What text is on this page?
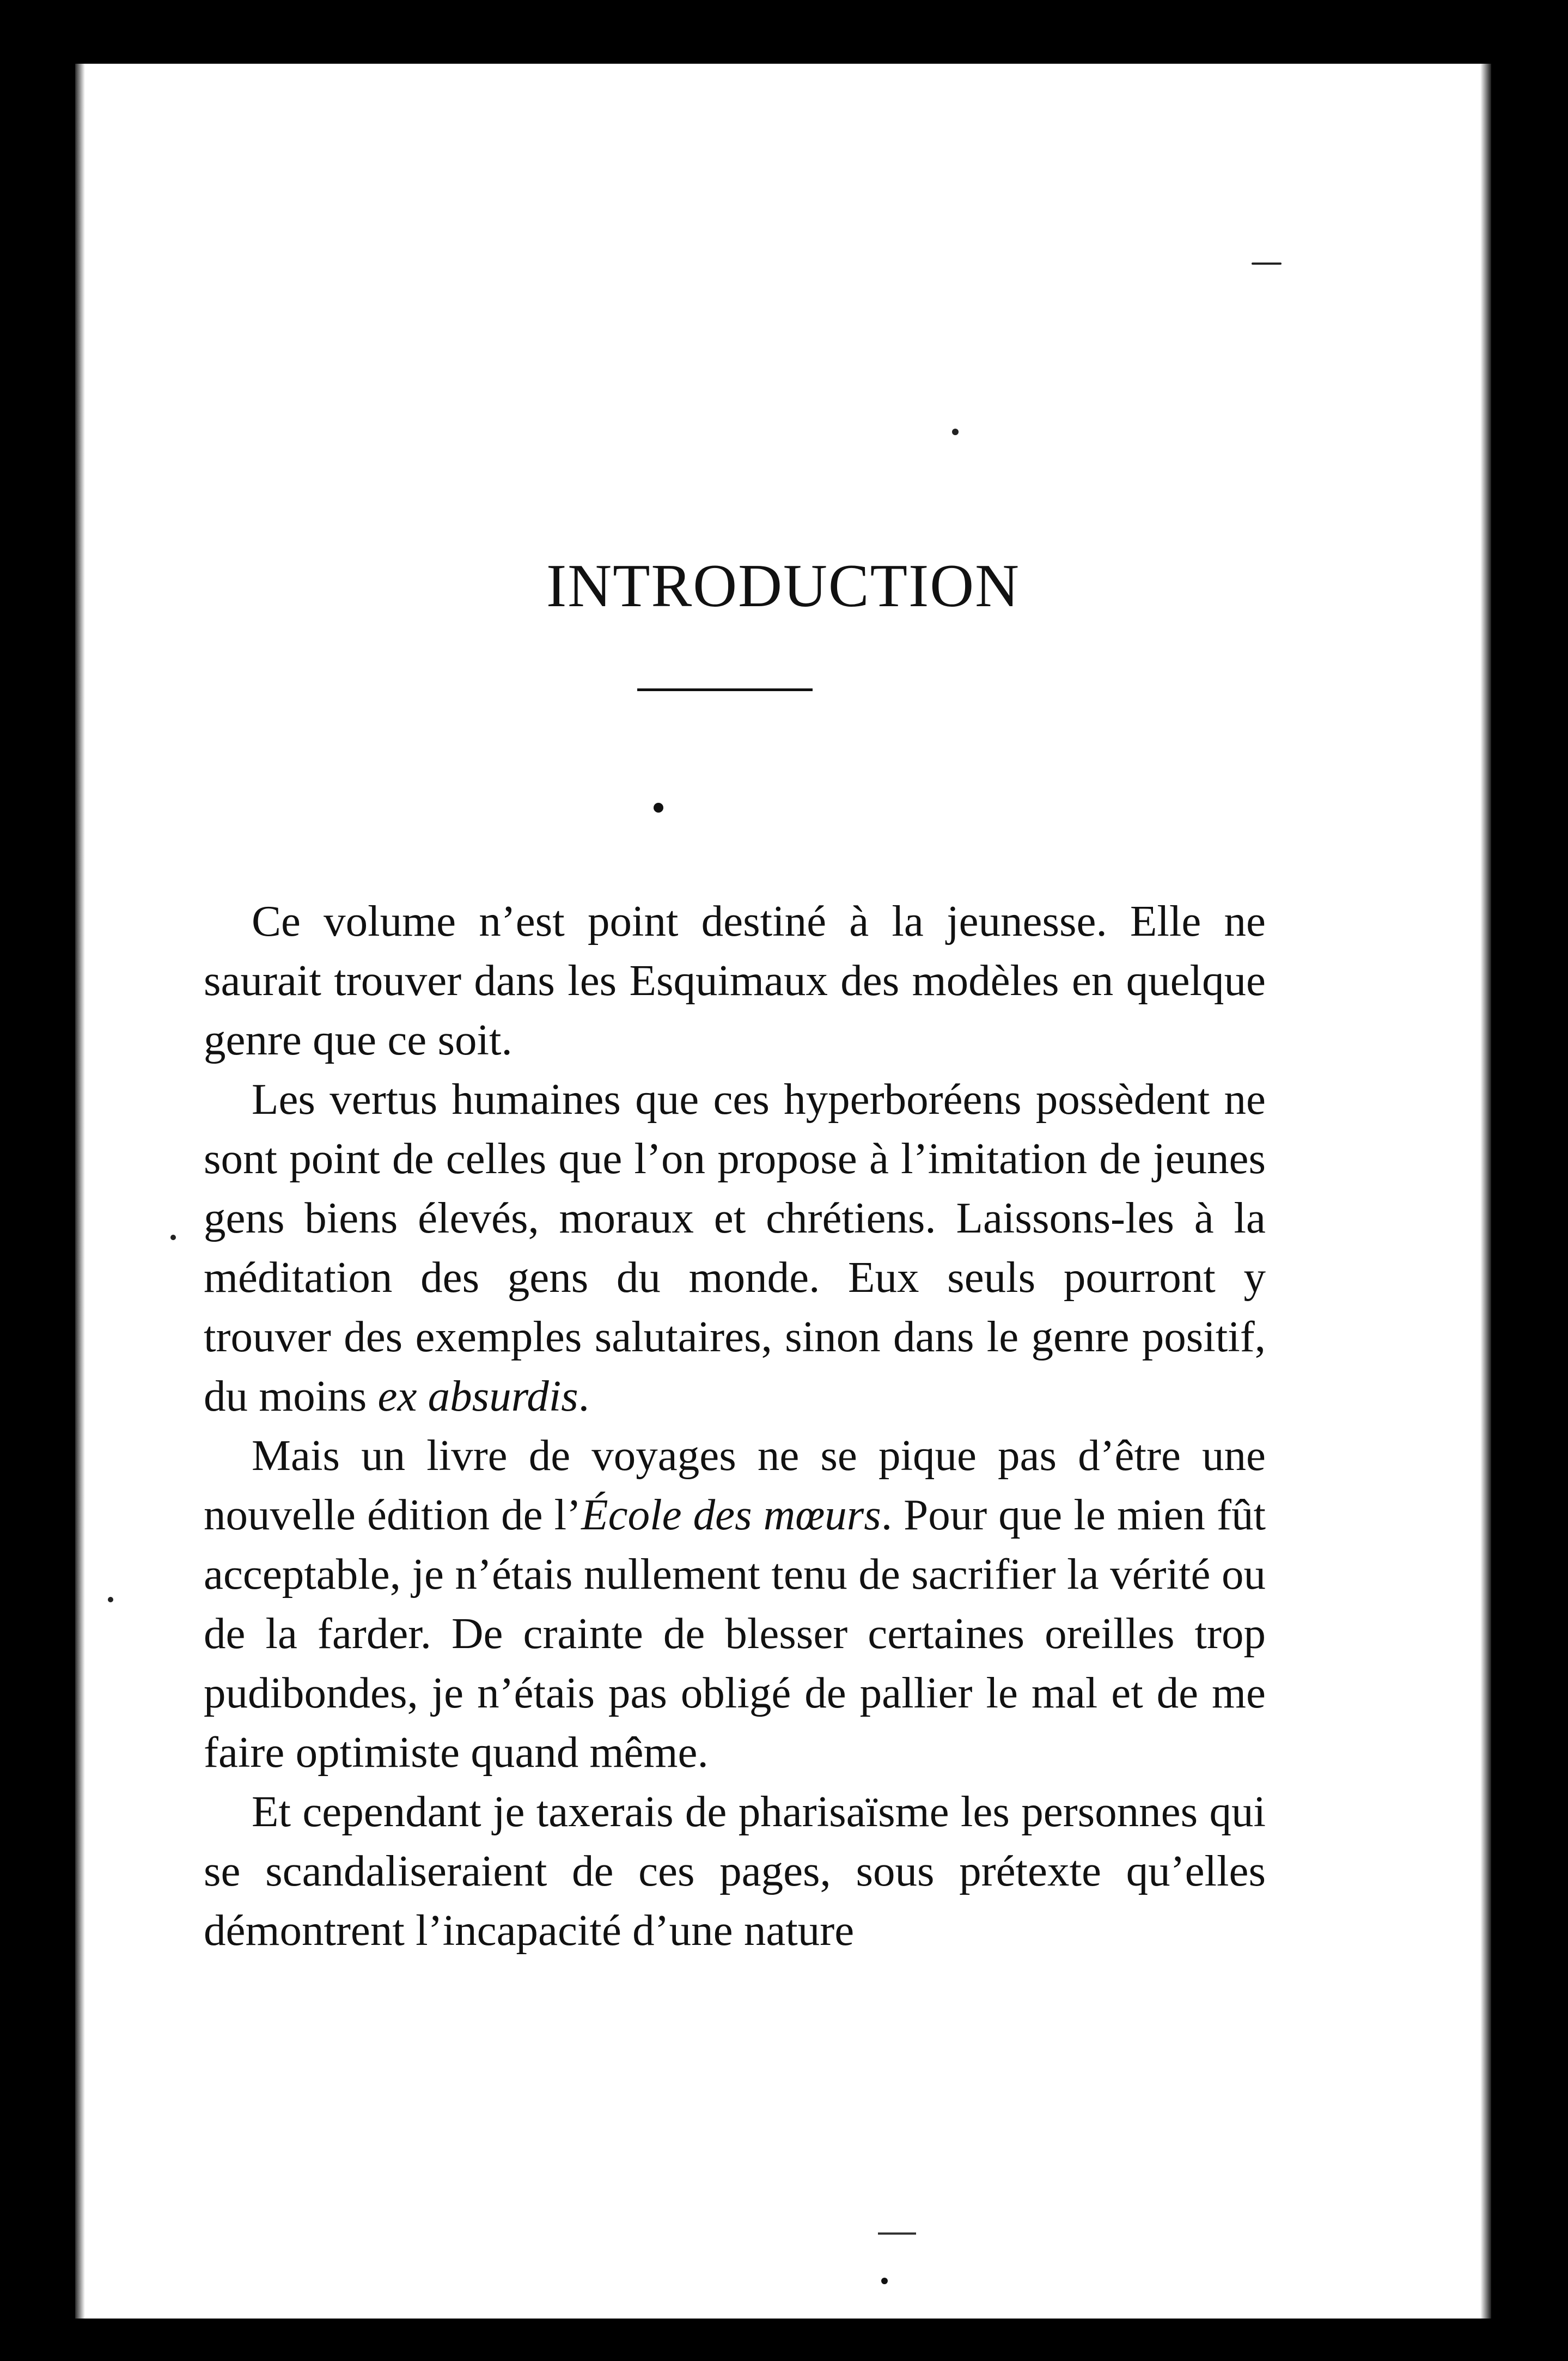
INTRODUCTION

Ce volume n’est point destiné à la jeunesse. Elle ne saurait trouver dans les Esquimaux des modèles en quelque genre que ce soit.

Les vertus humaines que ces hyperboréens possèdent ne sont point de celles que l’on propose à l’imitation de jeunes gens biens élevés, moraux et chrétiens. Laissons-les à la méditation des gens du monde. Eux seuls pourront y trouver des exemples salutaires, sinon dans le genre positif, du moins ex absurdis.

Mais un livre de voyages ne se pique pas d’être une nouvelle édition de l’École des mœurs. Pour que le mien fût acceptable, je n’étais nullement tenu de sacrifier la vérité ou de la farder. De crainte de blesser certaines oreilles trop pudibondes, je n’étais pas obligé de pallier le mal et de me faire optimiste quand même.

Et cependant je taxerais de pharisaïsme les personnes qui se scandaliseraient de ces pages, sous prétexte qu’elles démontrent l’incapacité d’une nature
